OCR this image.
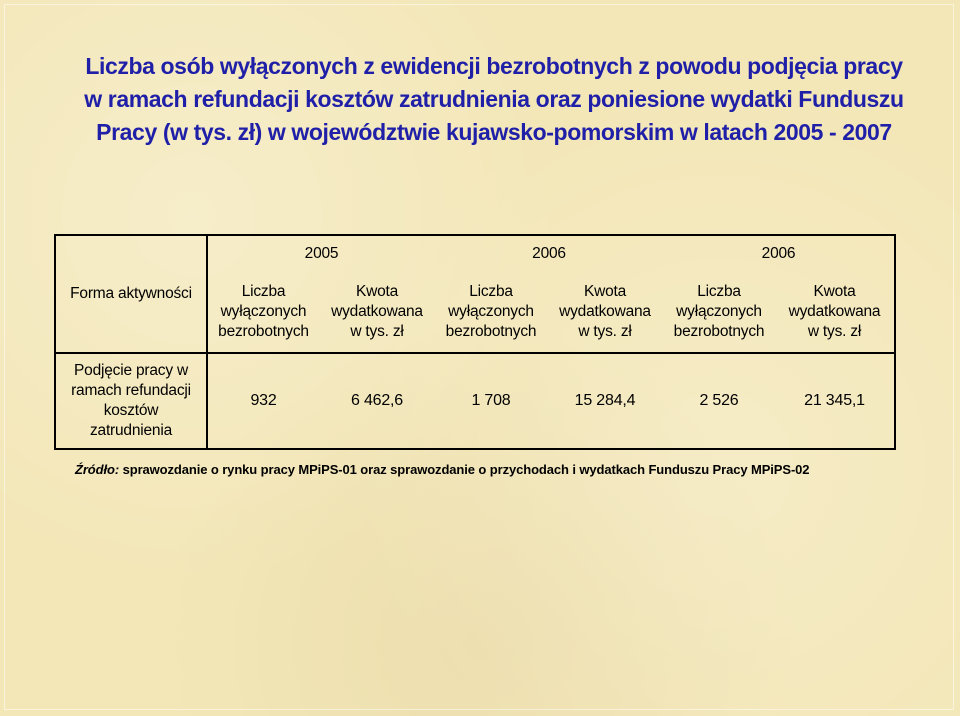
Liczba osób wyłączonych z ewidencji bezrobotnych z powodu podjęcia pracy
w ramach refundacji kosztów zatrudnienia oraz poniesione wydatki Funduszu
Pracy (w tys. zł) w województwie kujawsko-pomorskim w latach 2005 - 2007
Forma aktywności	2005		2006		2006	

	Liczba
wyłączonych
bezrobotnych	Kwota
wydatkowana
w tys. zł	Liczba
wyłączonych
bezrobotnych	Kwota
wydatkowana
w tys. zł	Liczba
wyłączonych
bezrobotnych	Kwota
wydatkowana
w tys. zł

Podjęcie pracy w
ramach refundacji
kosztów
zatrudnienia	932	6 462,6	1 708	15 284,4	2 526	21 345,1
Źródło: sprawozdanie o rynku pracy MPiPS-01 oraz sprawozdanie o przychodach i wydatkach Funduszu Pracy MPiPS-02
